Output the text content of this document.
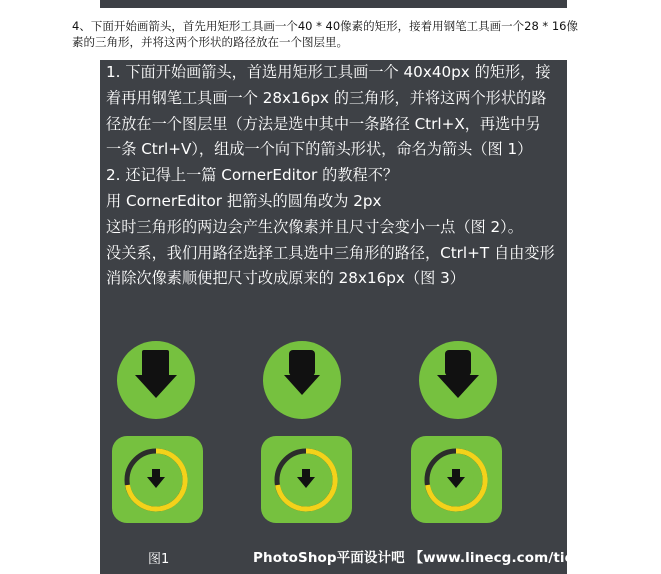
4、下面开始画箭头，首先用矩形工具画一个40 * 40像素的矩形，接着用钢笔工具画一个28 * 16像
素的三角形，并将这两个形状的路径放在一个图层里。
1. 下面开始画箭头，首选用矩形工具画一个 40x40px 的矩形，接
着再用钢笔工具画一个 28x16px 的三角形，并将这两个形状的路
径放在一个图层里（方法是选中其中一条路径 Ctrl+X，再选中另
一条 Ctrl+V），组成一个向下的箭头形状，命名为箭头（图 1）
2. 还记得上一篇 CornerEditor 的教程不？
用 CornerEditor 把箭头的圆角改为 2px
这时三角形的两边会产生次像素并且尺寸会变小一点（图 2）。
没关系，我们用路径选择工具选中三角形的路径，Ctrl+T 自由变形
消除次像素顺便把尺寸改成原来的 28x16px（图 3）
图1	PhotoShop平面设计吧 【www.linecg.com/tieba/1783】
